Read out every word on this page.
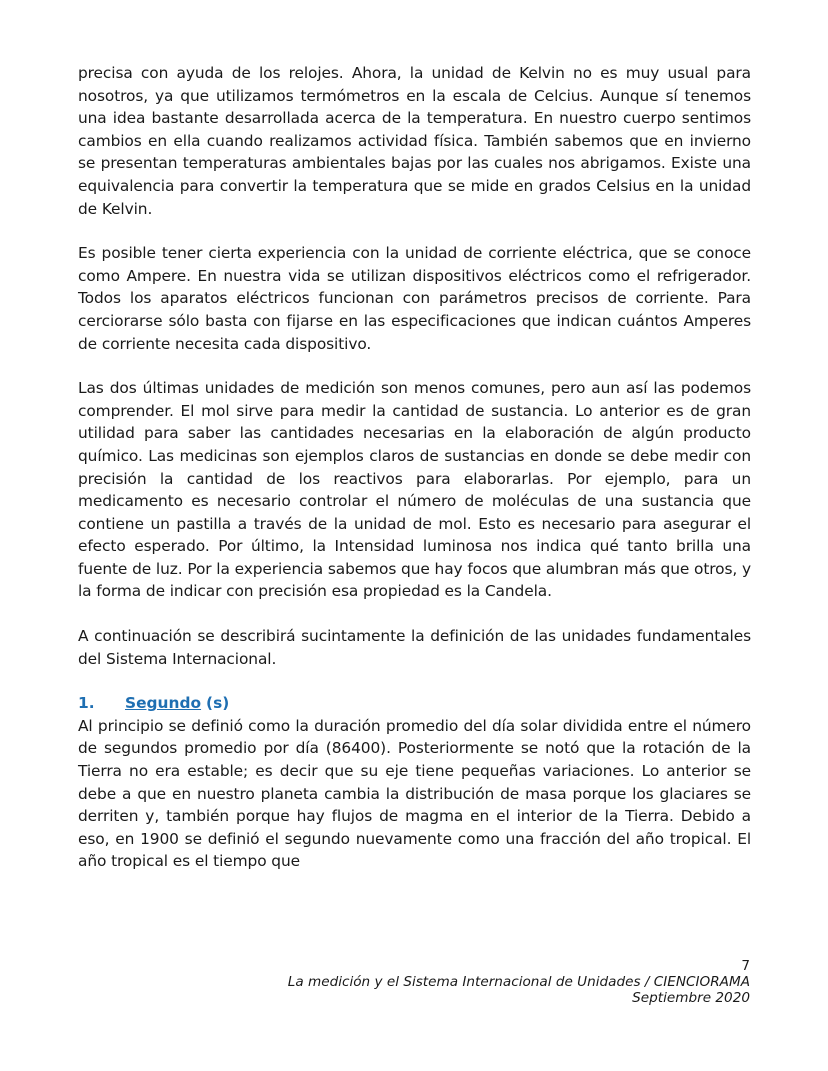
precisa con ayuda de los relojes. Ahora, la unidad de Kelvin no es muy usual para nosotros, ya que utilizamos termómetros en la escala de Celcius. Aunque sí tenemos una idea bastante desarrollada acerca de la temperatura. En nuestro cuerpo sentimos cambios en ella cuando realizamos actividad física. También sabemos que en invierno se presentan temperaturas ambientales bajas por las cuales nos abrigamos. Existe una equivalencia para convertir la temperatura que se mide en grados Celsius en la unidad de Kelvin.

Es posible tener cierta experiencia con la unidad de corriente eléctrica, que se conoce como Ampere. En nuestra vida se utilizan dispositivos eléctricos como el refrigerador. Todos los aparatos eléctricos funcionan con parámetros precisos de corriente. Para cerciorarse sólo basta con fijarse en las especificaciones que indican cuántos Amperes de corriente necesita cada dispositivo.

Las dos últimas unidades de medición son menos comunes, pero aun así las podemos comprender. El mol sirve para medir la cantidad de sustancia. Lo anterior es de gran utilidad para saber las cantidades necesarias en la elaboración de algún producto químico. Las medicinas son ejemplos claros de sustancias en donde se debe medir con precisión la cantidad de los reactivos para elaborarlas. Por ejemplo, para un medicamento es necesario controlar el número de moléculas de una sustancia que contiene un pastilla a través de la unidad de mol. Esto es necesario para asegurar el efecto esperado. Por último, la Intensidad luminosa nos indica qué tanto brilla una fuente de luz. Por la experiencia sabemos que hay focos que alumbran más que otros, y la forma de indicar con precisión esa propiedad es la Candela.

A continuación se describirá sucintamente la definición de las unidades fundamentales del Sistema Internacional.

1.	Segundo (s)

Al principio se definió como la duración promedio del día solar dividida entre el número de segundos promedio por día (86400). Posteriormente se notó que la rotación de la Tierra no era estable; es decir que su eje tiene pequeñas variaciones. Lo anterior se debe a que en nuestro planeta cambia la distribución de masa porque los glaciares se derriten y, también porque hay flujos de magma en el interior de la Tierra. Debido a eso, en 1900 se definió el segundo nuevamente como una fracción del año tropical. El año tropical es el tiempo que

7
La medición y el Sistema Internacional de Unidades / CIENCIORAMA
Septiembre 2020
